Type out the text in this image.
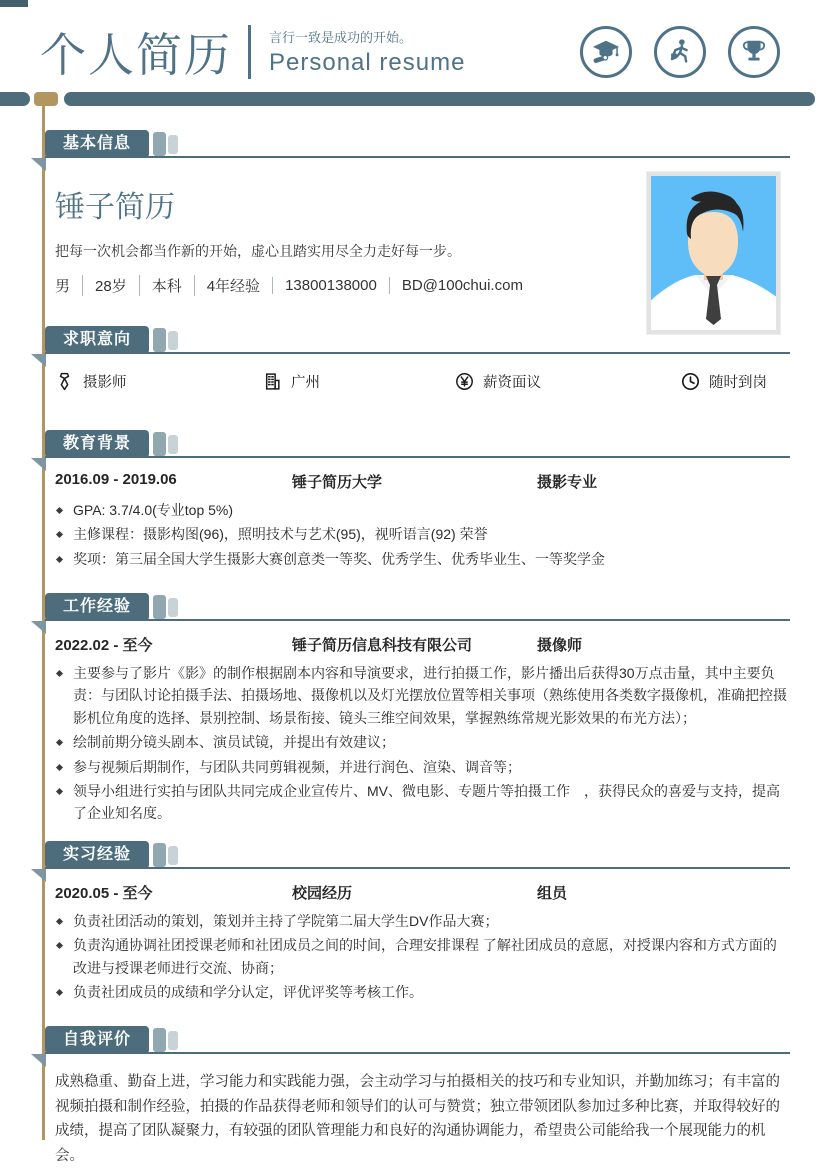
个人简历	言行一致是成功的开始。
Personal resume
基本信息
锤子简历
把每一次机会都当作新的开始，虚心且踏实用尽全力走好每一步。
男	28岁	本科	4年经验	13800138000	BD@100chui.com
求职意向
摄影师	广州	薪资面议	随时到岗
教育背景
2016.09 - 2019.06	锤子简历大学	摄影专业
GPA: 3.7/4.0(专业top 5%)
主修课程：摄影构图(96)，照明技术与艺术(95)，视听语言(92) 荣誉
奖项：第三届全国大学生摄影大赛创意类一等奖、优秀学生、优秀毕业生、一等奖学金
工作经验
2022.02 - 至今	锤子简历信息科技有限公司	摄像师
主要参与了影片《影》的制作根据剧本内容和导演要求，进行拍摄工作，影片播出后获得30万点击量，其中主要负责：与团队讨论拍摄手法、拍摄场地、摄像机以及灯光摆放位置等相关事项（熟练使用各类数字摄像机，准确把控摄影机位角度的选择、景别控制、场景衔接、镜头三维空间效果，掌握熟练常规光影效果的布光方法）；
绘制前期分镜头剧本、演员试镜，并提出有效建议；
参与视频后期制作，与团队共同剪辑视频，并进行润色、渲染、调音等；
领导小组进行实拍与团队共同完成企业宣传片、MV、微电影、专题片等拍摄工作　，获得民众的喜爱与支持，提高了企业知名度。
实习经验
2020.05 - 至今	校园经历	组员
负责社团活动的策划，策划并主持了学院第二届大学生DV作品大赛；
负责沟通协调社团授课老师和社团成员之间的时间，合理安排课程 了解社团成员的意愿，对授课内容和方式方面的改进与授课老师进行交流、协商；
负责社团成员的成绩和学分认定，评优评奖等考核工作。
自我评价
成熟稳重、勤奋上进，学习能力和实践能力强，会主动学习与拍摄相关的技巧和专业知识，并勤加练习；有丰富的视频拍摄和制作经验，拍摄的作品获得老师和领导们的认可与赞赏；独立带领团队参加过多种比赛，并取得较好的成绩，提高了团队凝聚力，有较强的团队管理能力和良好的沟通协调能力，希望贵公司能给我一个展现能力的机会。
